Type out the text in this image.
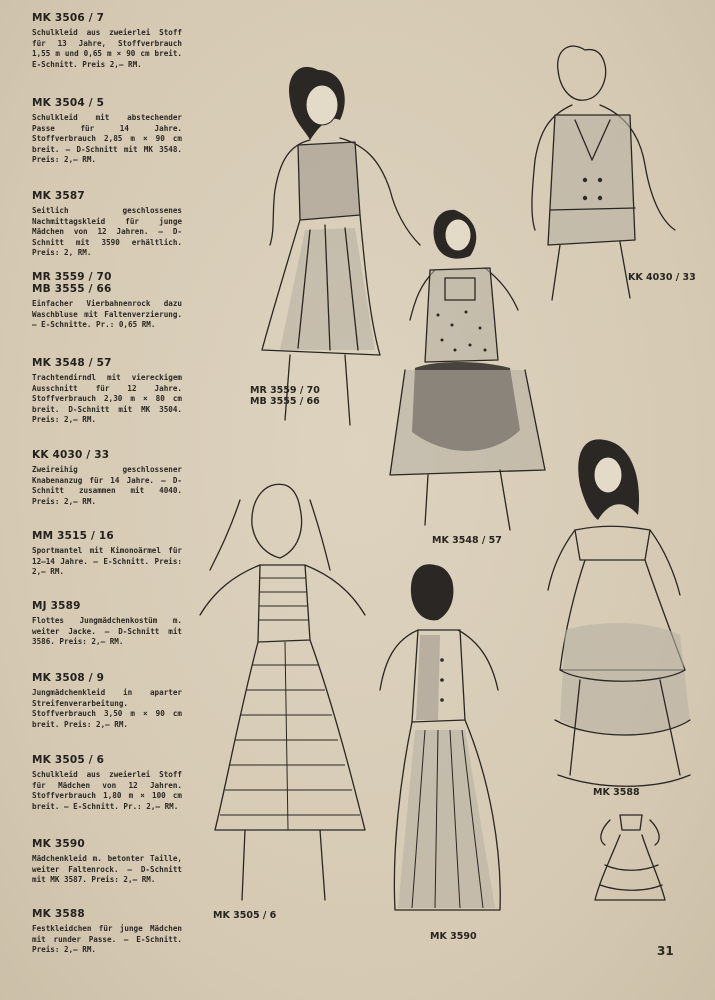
MK 3506 / 7
Schulkleid aus zweierlei Stoff für 13 Jahre, Stoffverbrauch 1,55 m und 0,65 m × 90 cm breit. E-Schnitt. Preis 2,— RM.
MK 3504 / 5
Schulkleid mit abstechender Passe für 14 Jahre. Stoffverbrauch 2,85 m × 90 cm breit. — D-Schnitt mit MK 3548. Preis: 2,— RM.
MK 3587
Seitlich geschlossenes Nachmittagskleid für junge Mädchen von 12 Jahren. — D-Schnitt mit 3590 erhältlich. Preis: 2, RM.
MR 3559 / 70
MB 3555 / 66
Einfacher Vierbahnenrock dazu Waschbluse mit Faltenverzierung. — E-Schnitte. Pr.: 0,65 RM.
MK 3548 / 57
Trachtendirndl mit viereckigem Ausschnitt für 12 Jahre. Stoffverbrauch 2,30 m × 80 cm breit. D-Schnitt mit MK 3504. Preis: 2,— RM.
KK 4030 / 33
Zweireihig geschlossener Knabenanzug für 14 Jahre. — D-Schnitt zusammen mit 4040. Preis: 2,— RM.
MM 3515 / 16
Sportmantel mit Kimonoärmel für 12—14 Jahre. — E-Schnitt. Preis: 2,— RM.
MJ 3589
Flottes Jungmädchenkostüm m. weiter Jacke. — D-Schnitt mit 3586. Preis: 2,— RM.
MK 3508 / 9
Jungmädchenkleid in aparter Streifenverarbeitung. Stoffverbrauch 3,50 m × 90 cm breit. Preis: 2,— RM.
MK 3505 / 6
Schulkleid aus zweierlei Stoff für Mädchen von 12 Jahren. Stoffverbrauch 1,80 m × 100 cm breit. — E-Schnitt. Pr.: 2,— RM.
MK 3590
Mädchenkleid m. betonter Taille, weiter Faltenrock. — D-Schnitt mit MK 3587. Preis: 2,— RM.
MK 3588
Festkleidchen für junge Mädchen mit runder Passe. — E-Schnitt. Preis: 2,— RM.
KK 4030 / 33
MR 3559 / 70
MB 3555 / 66
MK 3548 / 57
MK 3588
MK 3505 / 6
MK 3590
31
